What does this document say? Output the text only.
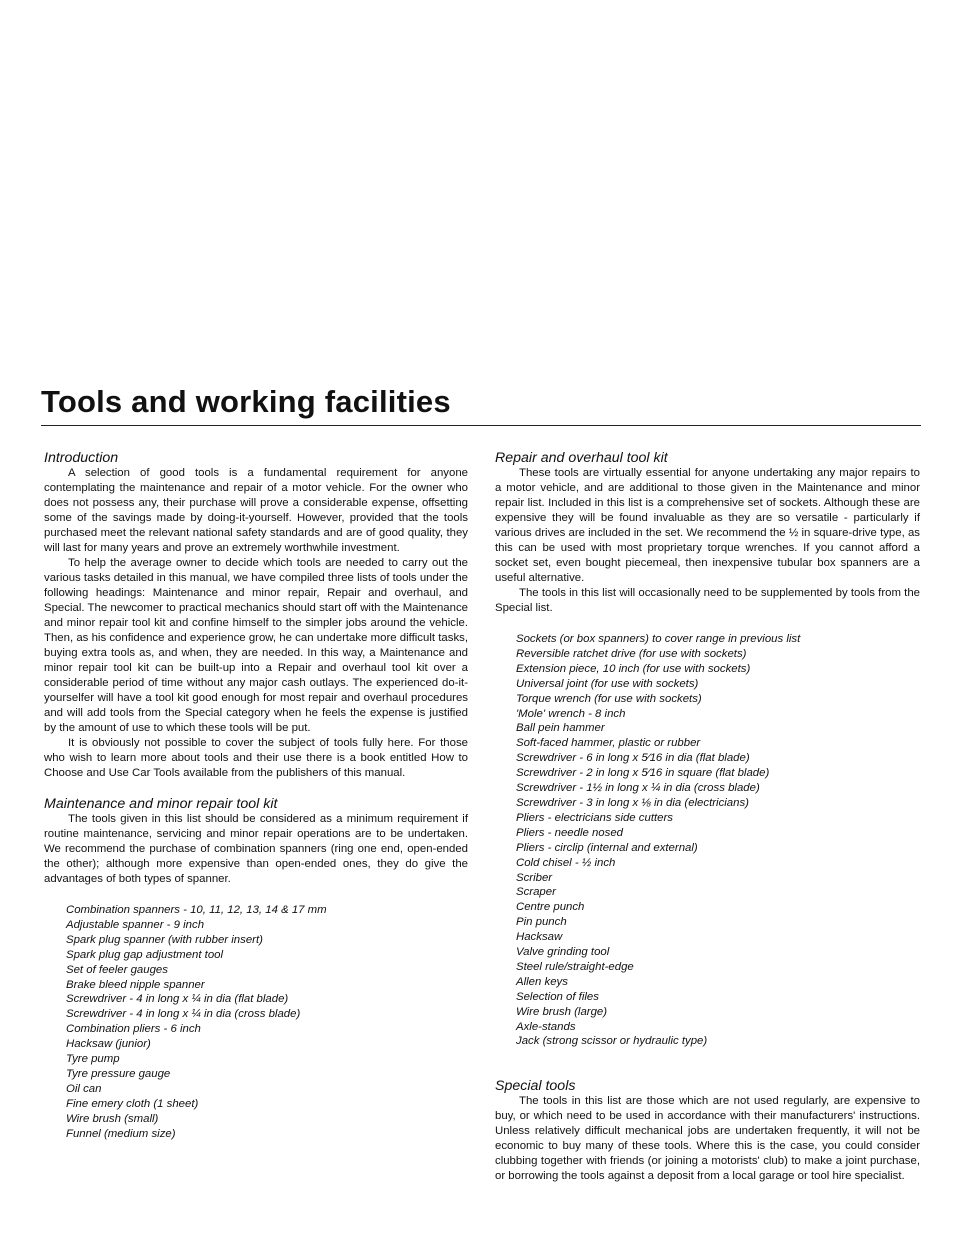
Tools and working facilities
Introduction

A selection of good tools is a fundamental requirement for anyone contemplating the maintenance and repair of a motor vehicle. For the owner who does not possess any, their purchase will prove a considerable expense, offsetting some of the savings made by doing-it-yourself. However, provided that the tools purchased meet the relevant national safety standards and are of good quality, they will last for many years and prove an extremely worthwhile investment.

To help the average owner to decide which tools are needed to carry out the various tasks detailed in this manual, we have compiled three lists of tools under the following headings: Maintenance and minor repair, Repair and overhaul, and Special. The newcomer to practical mechanics should start off with the Maintenance and minor repair tool kit and confine himself to the simpler jobs around the vehicle. Then, as his confidence and experience grow, he can undertake more difficult tasks, buying extra tools as, and when, they are needed. In this way, a Maintenance and minor repair tool kit can be built-up into a Repair and overhaul tool kit over a considerable period of time without any major cash outlays. The experienced do-it-yourselfer will have a tool kit good enough for most repair and overhaul procedures and will add tools from the Special category when he feels the expense is justified by the amount of use to which these tools will be put.

It is obviously not possible to cover the subject of tools fully here. For those who wish to learn more about tools and their use there is a book entitled How to Choose and Use Car Tools available from the publishers of this manual.

Maintenance and minor repair tool kit

The tools given in this list should be considered as a minimum requirement if routine maintenance, servicing and minor repair operations are to be undertaken. We recommend the purchase of combination spanners (ring one end, open-ended the other); although more expensive than open-ended ones, they do give the advantages of both types of spanner.

Combination spanners - 10, 11, 12, 13, 14 & 17 mm
Adjustable spanner - 9 inch
Spark plug spanner (with rubber insert)
Spark plug gap adjustment tool
Set of feeler gauges
Brake bleed nipple spanner
Screwdriver - 4 in long x ¼ in dia (flat blade)
Screwdriver - 4 in long x ¼ in dia (cross blade)
Combination pliers - 6 inch
Hacksaw (junior)
Tyre pump
Tyre pressure gauge
Oil can
Fine emery cloth (1 sheet)
Wire brush (small)
Funnel (medium size)
Repair and overhaul tool kit

These tools are virtually essential for anyone undertaking any major repairs to a motor vehicle, and are additional to those given in the Maintenance and minor repair list. Included in this list is a comprehensive set of sockets. Although these are expensive they will be found invaluable as they are so versatile - particularly if various drives are included in the set. We recommend the ½ in square-drive type, as this can be used with most proprietary torque wrenches. If you cannot afford a socket set, even bought piecemeal, then inexpensive tubular box spanners are a useful alternative.

The tools in this list will occasionally need to be supplemented by tools from the Special list.

Sockets (or box spanners) to cover range in previous list
Reversible ratchet drive (for use with sockets)
Extension piece, 10 inch (for use with sockets)
Universal joint (for use with sockets)
Torque wrench (for use with sockets)
'Mole' wrench - 8 inch
Ball pein hammer
Soft-faced hammer, plastic or rubber
Screwdriver - 6 in long x 5⁄16 in dia (flat blade)
Screwdriver - 2 in long x 5⁄16 in square (flat blade)
Screwdriver - 1½ in long x ¼ in dia (cross blade)
Screwdriver - 3 in long x ⅛ in dia (electricians)
Pliers - electricians side cutters
Pliers - needle nosed
Pliers - circlip (internal and external)
Cold chisel - ½ inch
Scriber
Scraper
Centre punch
Pin punch
Hacksaw
Valve grinding tool
Steel rule/straight-edge
Allen keys
Selection of files
Wire brush (large)
Axle-stands
Jack (strong scissor or hydraulic type)
Special tools

The tools in this list are those which are not used regularly, are expensive to buy, or which need to be used in accordance with their manufacturers' instructions. Unless relatively difficult mechanical jobs are undertaken frequently, it will not be economic to buy many of these tools. Where this is the case, you could consider clubbing together with friends (or joining a motorists' club) to make a joint purchase, or borrowing the tools against a deposit from a local garage or tool hire specialist.
